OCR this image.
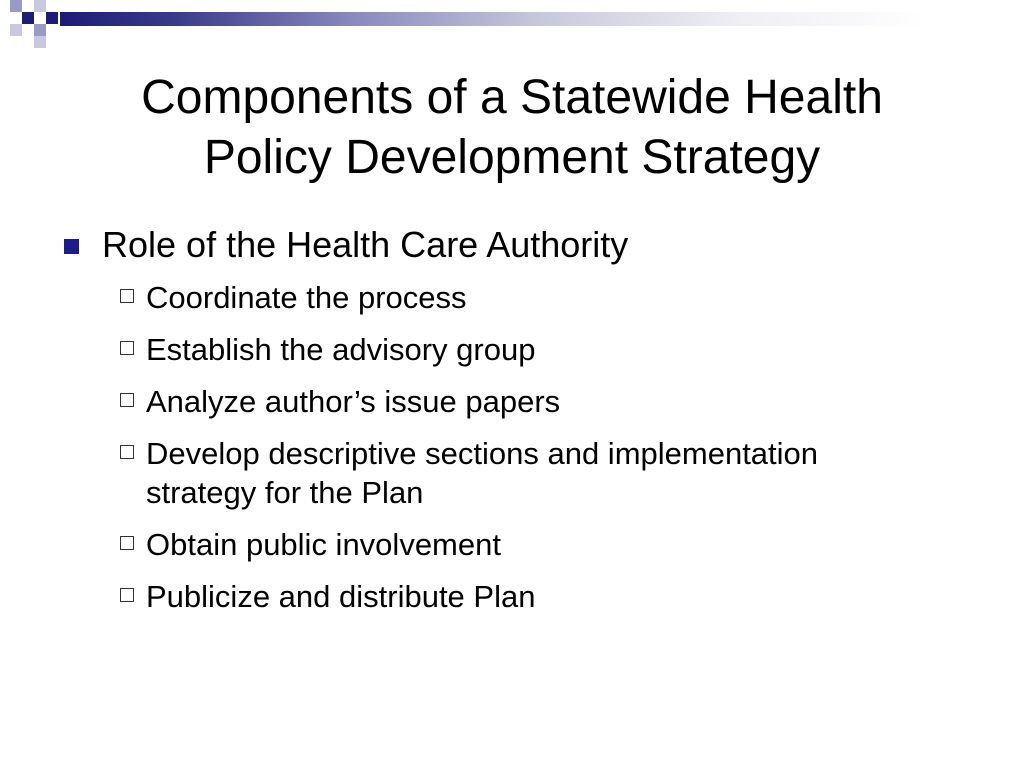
Components of a Statewide Health
Policy Development Strategy
Role of the Health Care Authority
Coordinate the process
Establish the advisory group
Analyze author’s issue papers
Develop descriptive sections and implementation strategy for the Plan
Obtain public involvement
Publicize and distribute Plan
